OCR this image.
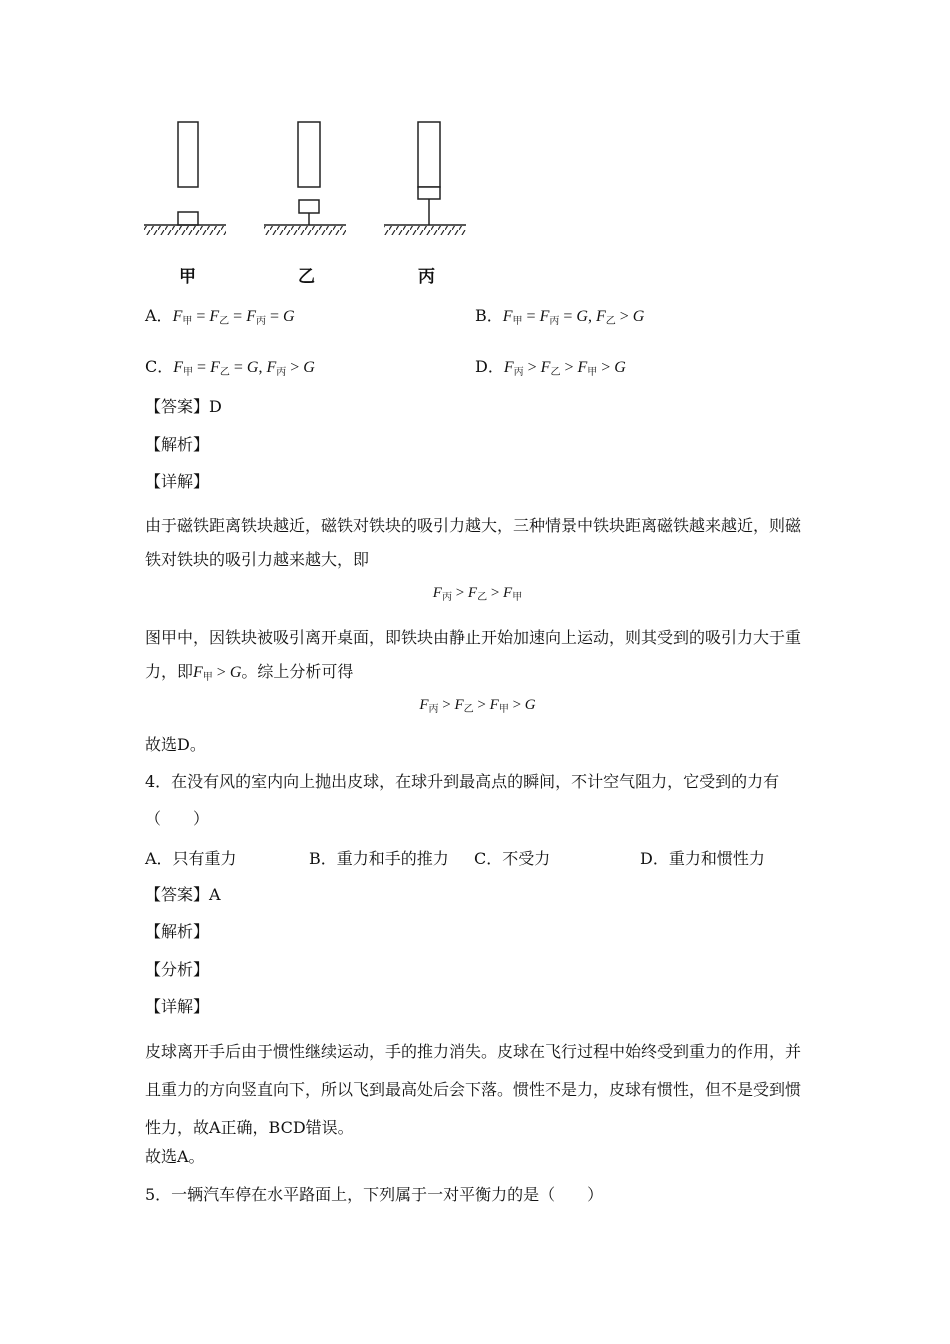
甲	乙	丙
A．$F_甲 = F_乙 = F_丙 = G$	B．$F_甲 = F_丙 = G$, $F_乙 > G$
C．$F_甲 = F_乙 = G$, $F_丙 > G$	D．$F_丙 > F_乙 > F_甲 > G$
【答案】D
【解析】
【详解】
由于磁铁距离铁块越近，磁铁对铁块的吸引力越大，三种情景中铁块距离磁铁越来越近，则磁铁对铁块的吸引力越来越大，即
$F_丙 > F_乙 > F_甲$
图甲中，因铁块被吸引离开桌面，即铁块由静止开始加速向上运动，则其受到的吸引力大于重力，即$F_甲 > G$。综上分析可得
$F_丙 > F_乙 > F_甲 > G$
故选D。
4．在没有风的室内向上抛出皮球，在球升到最高点的瞬间，不计空气阻力，它受到的力有
（　　）
A．只有重力	B．重力和手的推力 C．不受力	D．重力和惯性力
【答案】A
【解析】
【分析】
【详解】
皮球离开手后由于惯性继续运动，手的推力消失。皮球在飞行过程中始终受到重力的作用，并且重力的方向竖直向下，所以飞到最高处后会下落。惯性不是力，皮球有惯性，但不是受到惯性力，故A正确，BCD错误。
故选A。
5．一辆汽车停在水平路面上，下列属于一对平衡力的是（　　）
